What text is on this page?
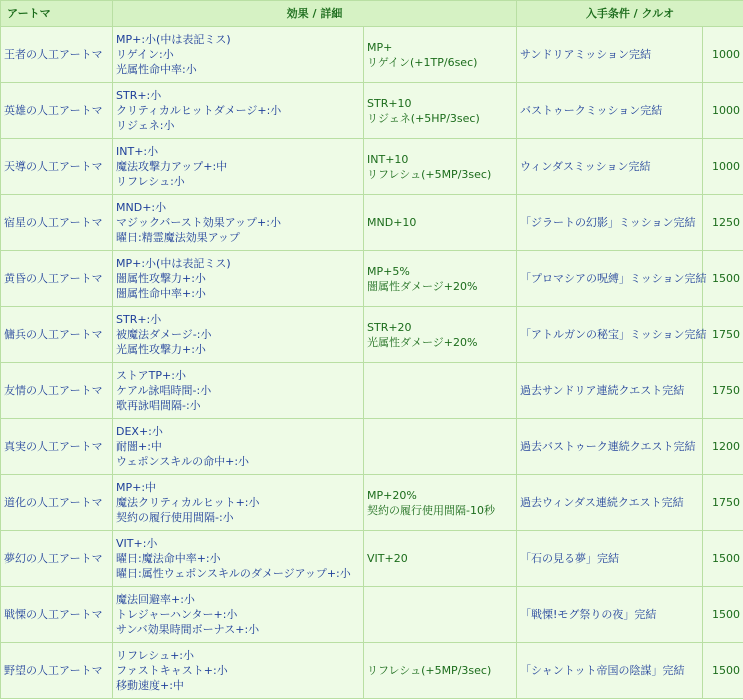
アートマ	効果 / 詳細		入手条件 / クルオ	
王者の人工アートマ	MP+:小(中は表記ミス)
リゲイン:小
光属性命中率:小	MP+
リゲイン(+1TP/6sec)	サンドリアミッション完結	1000
英雄の人工アートマ	STR+:小
クリティカルヒットダメージ+:小
リジェネ:小	STR+10
リジェネ(+5HP/3sec)	バストゥークミッション完結	1000
天導の人工アートマ	INT+:小
魔法攻撃力アップ+:中
リフレシュ:小	INT+10
リフレシュ(+5MP/3sec)	ウィンダスミッション完結	1000
宿星の人工アートマ	MND+:小
マジックバースト効果アップ+:小
曜日:精霊魔法効果アップ	MND+10	「ジラートの幻影」ミッション完結	1250
黄昏の人工アートマ	MP+:小(中は表記ミス)
闇属性攻撃力+:小
闇属性命中率+:小	MP+5%
闇属性ダメージ+20%	「プロマシアの呪縛」ミッション完結	1500
傭兵の人工アートマ	STR+:小
被魔法ダメージ-:小
光属性攻撃力+:小	STR+20
光属性ダメージ+20%	「アトルガンの秘宝」ミッション完結	1750
友情の人工アートマ	ストアTP+:小
ケアル詠唱時間-:小
歌再詠唱間隔-:小		過去サンドリア連続クエスト完結	1750
真実の人工アートマ	DEX+:小
耐闇+:中
ウェポンスキルの命中+:小		過去バストゥーク連続クエスト完結	1200
道化の人工アートマ	MP+:中
魔法クリティカルヒット+:小
契約の履行使用間隔-:小	MP+20%
契約の履行使用間隔-10秒	過去ウィンダス連続クエスト完結	1750
夢幻の人工アートマ	VIT+:小
曜日:魔法命中率+:小
曜日:属性ウェポンスキルのダメージアップ+:小	VIT+20	「石の見る夢」完結	1500
戦慄の人工アートマ	魔法回避率+:小
トレジャーハンター+:小
サンバ効果時間ボーナス+:小		「戦慄!モグ祭りの夜」完結	1500
野望の人工アートマ	リフレシュ+:小
ファストキャスト+:小
移動速度+:中	リフレシュ(+5MP/3sec)	「シャントット帝国の陰謀」完結	1500
